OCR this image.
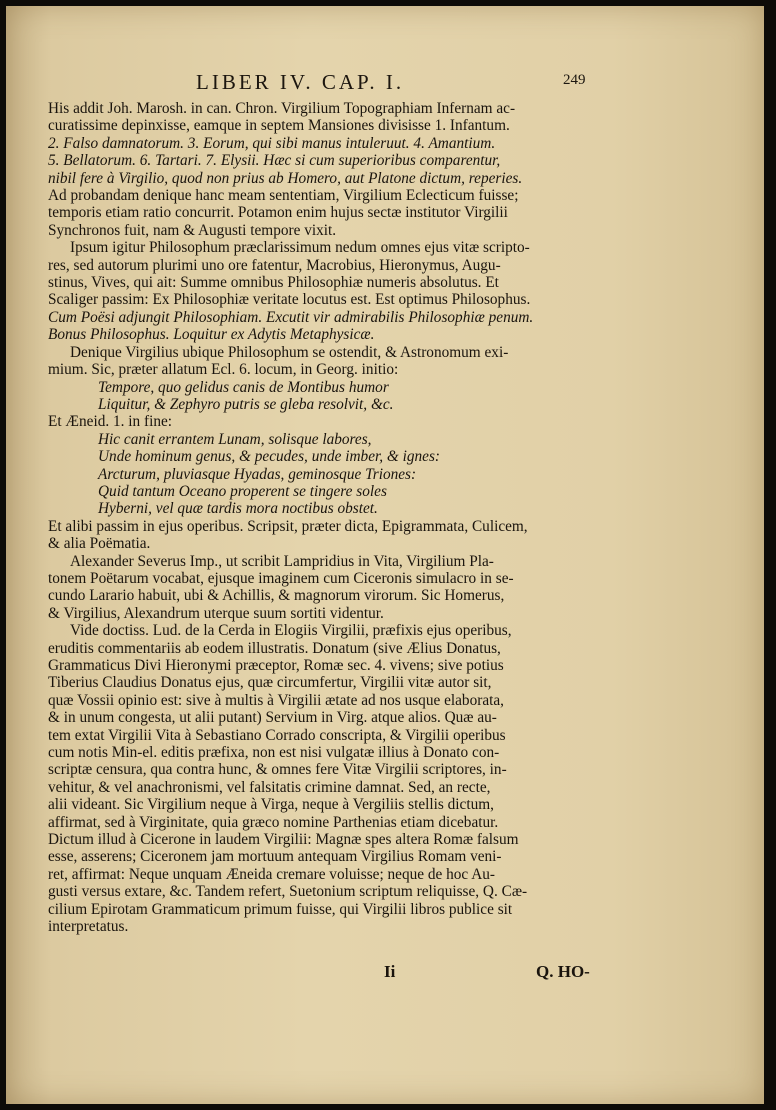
LIBER IV. CAP. I.	249
His addit Joh. Marosh. in can. Chron. Virgilium Topographiam Infernam ac-
curatissime depinxisse, eamque in septem Mansiones divisisse 1. Infantum.
2. Falso damnatorum. 3. Eorum, qui sibi manus intuleruut. 4. Amantium.
5. Bellatorum. 6. Tartari. 7. Elysii. Hæc si cum superioribus comparentur,
nibil fere à Virgilio, quod non prius ab Homero, aut Platone dictum, reperies.
Ad probandam denique hanc meam sententiam, Virgilium Eclecticum fuisse;
temporis etiam ratio concurrit. Potamon enim hujus sectæ institutor Virgilii
Synchronos fuit, nam & Augusti tempore vixit.
Ipsum igitur Philosophum præclarissimum nedum omnes ejus vitæ scripto-
res, sed autorum plurimi uno ore fatentur, Macrobius, Hieronymus, Augu-
stinus, Vives, qui ait: Summe omnibus Philosophiæ numeris absolutus. Et
Scaliger passim: Ex Philosophiæ veritate locutus est. Est optimus Philosophus.
Cum Poësi adjungit Philosophiam. Excutit vir admirabilis Philosophiæ penum.
Bonus Philosophus. Loquitur ex Adytis Metaphysicæ.
Denique Virgilius ubique Philosophum se ostendit, & Astronomum exi-
mium. Sic, præter allatum Ecl. 6. locum, in Georg. initio:
Tempore, quo gelidus canis de Montibus humor
Liquitur, & Zephyro putris se gleba resolvit, &c.
Et Æneid. 1. in fine:
Hic canit errantem Lunam, solisque labores,
Unde hominum genus, & pecudes, unde imber, & ignes:
Arcturum, pluviasque Hyadas, geminosque Triones:
Quid tantum Oceano properent se tingere soles
Hyberni, vel quæ tardis mora noctibus obstet.
Et alibi passim in ejus operibus. Scripsit, præter dicta, Epigrammata, Culicem,
& alia Poëmatia.
Alexander Severus Imp., ut scribit Lampridius in Vita, Virgilium Pla-
tonem Poëtarum vocabat, ejusque imaginem cum Ciceronis simulacro in se-
cundo Larario habuit, ubi & Achillis, & magnorum virorum. Sic Homerus,
& Virgilius, Alexandrum uterque suum sortiti videntur.
Vide doctiss. Lud. de la Cerda in Elogiis Virgilii, præfixis ejus operibus,
eruditis commentariis ab eodem illustratis. Donatum (sive Ælius Donatus,
Grammaticus Divi Hieronymi præceptor, Romæ sec. 4. vivens; sive potius
Tiberius Claudius Donatus ejus, quæ circumfertur, Virgilii vitæ autor sit,
quæ Vossii opinio est: sive à multis à Virgilii ætate ad nos usque elaborata,
& in unum congesta, ut alii putant) Servium in Virg. atque alios. Quæ au-
tem extat Virgilii Vita à Sebastiano Corrado conscripta, & Virgilii operibus
cum notis Min-el. editis præfixa, non est nisi vulgatæ illius à Donato con-
scriptæ censura, qua contra hunc, & omnes fere Vitæ Virgilii scriptores, in-
vehitur, & vel anachronismi, vel falsitatis crimine damnat. Sed, an recte,
alii videant. Sic Virgilium neque à Virga, neque à Vergiliis stellis dictum,
affirmat, sed à Virginitate, quia græco nomine Parthenias etiam dicebatur.
Dictum illud à Cicerone in laudem Virgilii: Magnæ spes altera Romæ falsum
esse, asserens; Ciceronem jam mortuum antequam Virgilius Romam veni-
ret, affirmat: Neque unquam Æneida cremare voluisse; neque de hoc Au-
gusti versus extare, &c. Tandem refert, Suetonium scriptum reliquisse, Q. Cæ-
cilium Epirotam Grammaticum primum fuisse, qui Virgilii libros publice sit
interpretatus.
Ii	Q. HO-
